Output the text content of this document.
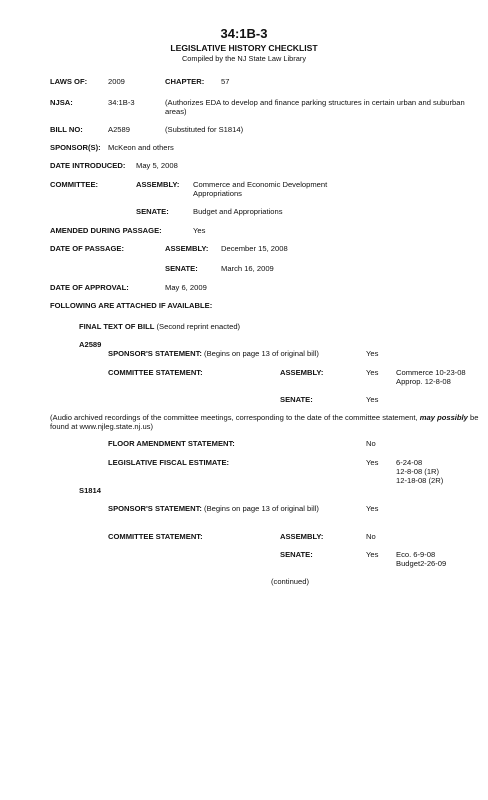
34:1B-3
LEGISLATIVE HISTORY CHECKLIST
Compiled by the NJ State Law Library
LAWS OF:	2009	CHAPTER: 57
NJSA:	34:1B-3	(Authorizes EDA to develop and finance parking structures in certain urban and suburban areas)
BILL NO:	A2589	(Substituted for S1814)
SPONSOR(S): McKeon and others
DATE INTRODUCED: May 5, 2008
COMMITTEE:	ASSEMBLY: Commerce and Economic Development Appropriations
SENATE:	Budget and Appropriations
AMENDED DURING PASSAGE:	Yes
DATE OF PASSAGE:	ASSEMBLY: December 15, 2008
SENATE:	March 16, 2009
DATE OF APPROVAL:	May 6, 2009
FOLLOWING ARE ATTACHED IF AVAILABLE:
FINAL TEXT OF BILL (Second reprint enacted)
A2589
SPONSOR'S STATEMENT: (Begins on page 13 of original bill)	Yes
COMMITTEE STATEMENT:	ASSEMBLY:	Yes Commerce 10-23-08
Approp. 12-8-08
SENATE:	Yes
(Audio archived recordings of the committee meetings, corresponding to the date of the committee statement, may possibly be found at www.njleg.state.nj.us)
FLOOR AMENDMENT STATEMENT:	No
LEGISLATIVE FISCAL ESTIMATE:	Yes 6-24-08
12-8-08 (1R)
12-18-08 (2R)
S1814
SPONSOR'S STATEMENT: (Begins on page 13 of original bill)	Yes
COMMITTEE STATEMENT:	ASSEMBLY:	No
SENATE:	Yes Eco. 6-9-08
Budget2-26-09
(continued)
